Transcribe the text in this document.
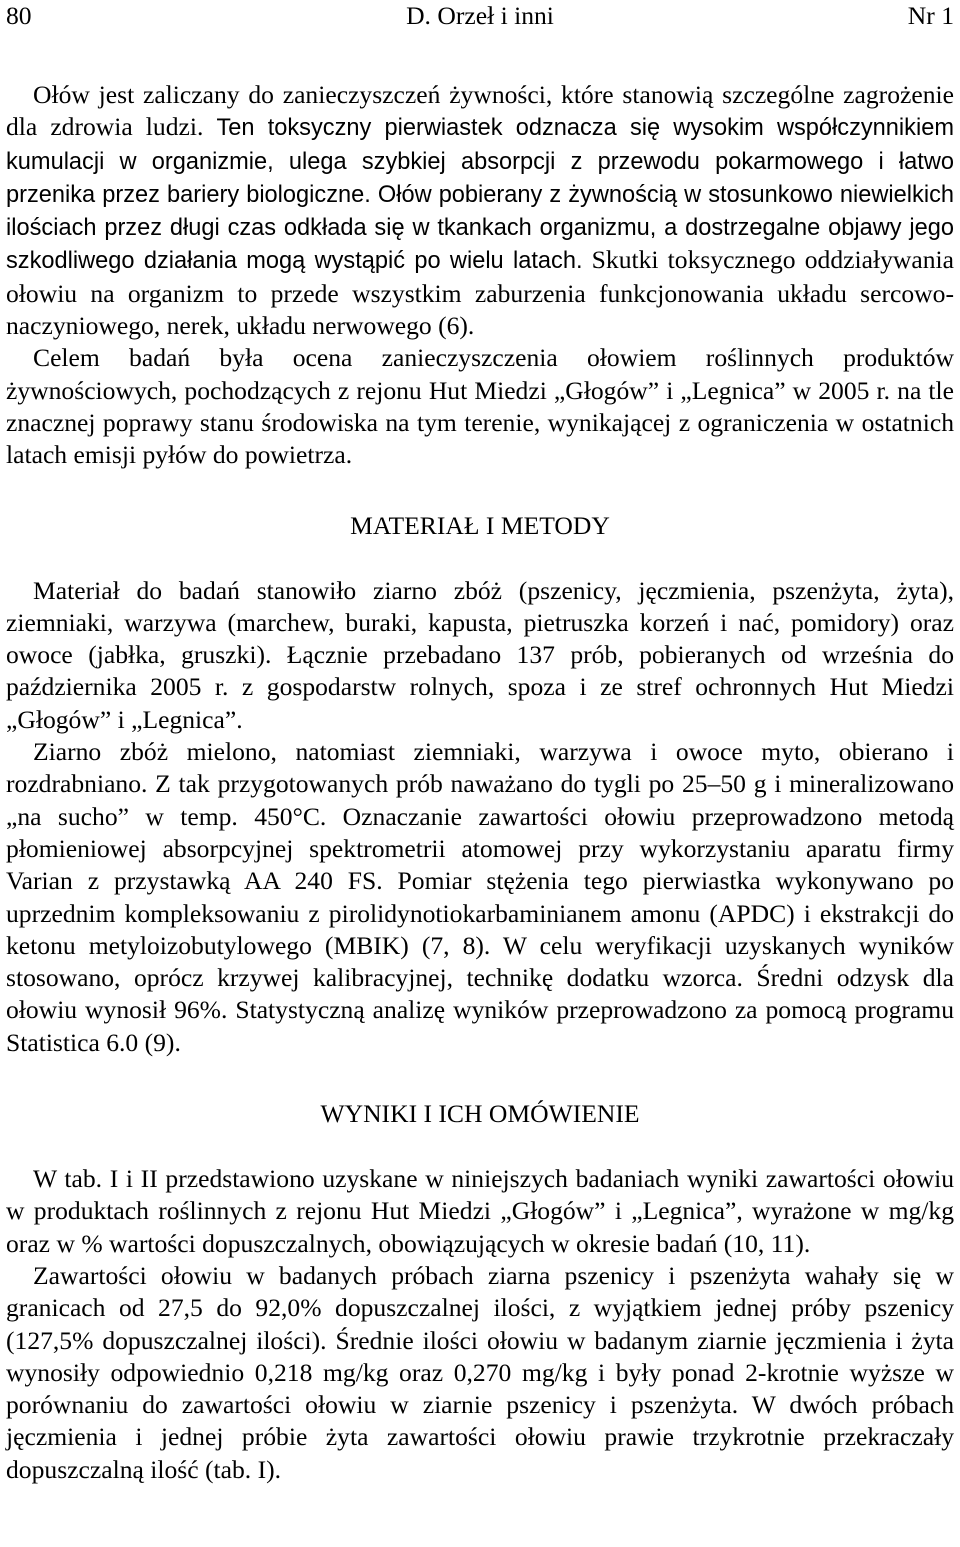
80	D. Orzeł i inni	Nr 1

Ołów jest zaliczany do zanieczyszczeń żywności, które stanowią szczególne zagrożenie dla zdrowia ludzi. Ten toksyczny pierwiastek odznacza się wysokim współczynnikiem kumulacji w organizmie, ulega szybkiej absorpcji z przewodu pokarmowego i łatwo przenika przez bariery biologiczne. Ołów pobierany z żywnością w stosunkowo niewielkich ilościach przez długi czas odkłada się w tkankach organizmu, a dostrzegalne objawy jego szkodliwego działania mogą wystąpić po wielu latach. Skutki toksycznego oddziaływania ołowiu na organizm to przede wszystkim zaburzenia funkcjonowania układu sercowo-naczyniowego, nerek, układu nerwowego (6).

Celem badań była ocena zanieczyszczenia ołowiem roślinnych produktów żywnościowych, pochodzących z rejonu Hut Miedzi „Głogów” i „Legnica” w 2005 r. na tle znacznej poprawy stanu środowiska na tym terenie, wynikającej z ograniczenia w ostatnich latach emisji pyłów do powietrza.

MATERIAŁ I METODY

Materiał do badań stanowiło ziarno zbóż (pszenicy, jęczmienia, pszenżyta, żyta), ziemniaki, warzywa (marchew, buraki, kapusta, pietruszka korzeń i nać, pomidory) oraz owoce (jabłka, gruszki). Łącznie przebadano 137 prób, pobieranych od września do października 2005 r. z gospodarstw rolnych, spoza i ze stref ochronnych Hut Miedzi „Głogów” i „Legnica”.

Ziarno zbóż mielono, natomiast ziemniaki, warzywa i owoce myto, obierano i rozdrabniano. Z tak przygotowanych prób naważano do tygli po 25–50 g i mineralizowano „na sucho” w temp. 450°C. Oznaczanie zawartości ołowiu przeprowadzono metodą płomieniowej absorpcyjnej spektrometrii atomowej przy wykorzystaniu aparatu firmy Varian z przystawką AA 240 FS. Pomiar stężenia tego pierwiastka wykonywano po uprzednim kompleksowaniu z pirolidynotiokarbaminianem amonu (APDC) i ekstrakcji do ketonu metyloizobutylowego (MBIK) (7, 8). W celu weryfikacji uzyskanych wyników stosowano, oprócz krzywej kalibracyjnej, technikę dodatku wzorca. Średni odzysk dla ołowiu wynosił 96%. Statystyczną analizę wyników przeprowadzono za pomocą programu Statistica 6.0 (9).

WYNIKI I ICH OMÓWIENIE

W tab. I i II przedstawiono uzyskane w niniejszych badaniach wyniki zawartości ołowiu w produktach roślinnych z rejonu Hut Miedzi „Głogów” i „Legnica”, wyrażone w mg/kg oraz w % wartości dopuszczalnych, obowiązujących w okresie badań (10, 11).

Zawartości ołowiu w badanych próbach ziarna pszenicy i pszenżyta wahały się w granicach od 27,5 do 92,0% dopuszczalnej ilości, z wyjątkiem jednej próby pszenicy (127,5% dopuszczalnej ilości). Średnie ilości ołowiu w badanym ziarnie jęczmienia i żyta wynosiły odpowiednio 0,218 mg/kg oraz 0,270 mg/kg i były ponad 2-krotnie wyższe w porównaniu do zawartości ołowiu w ziarnie pszenicy i pszenżyta. W dwóch próbach jęczmienia i jednej próbie żyta zawartości ołowiu prawie trzykrotnie przekraczały dopuszczalną ilość (tab. I).
